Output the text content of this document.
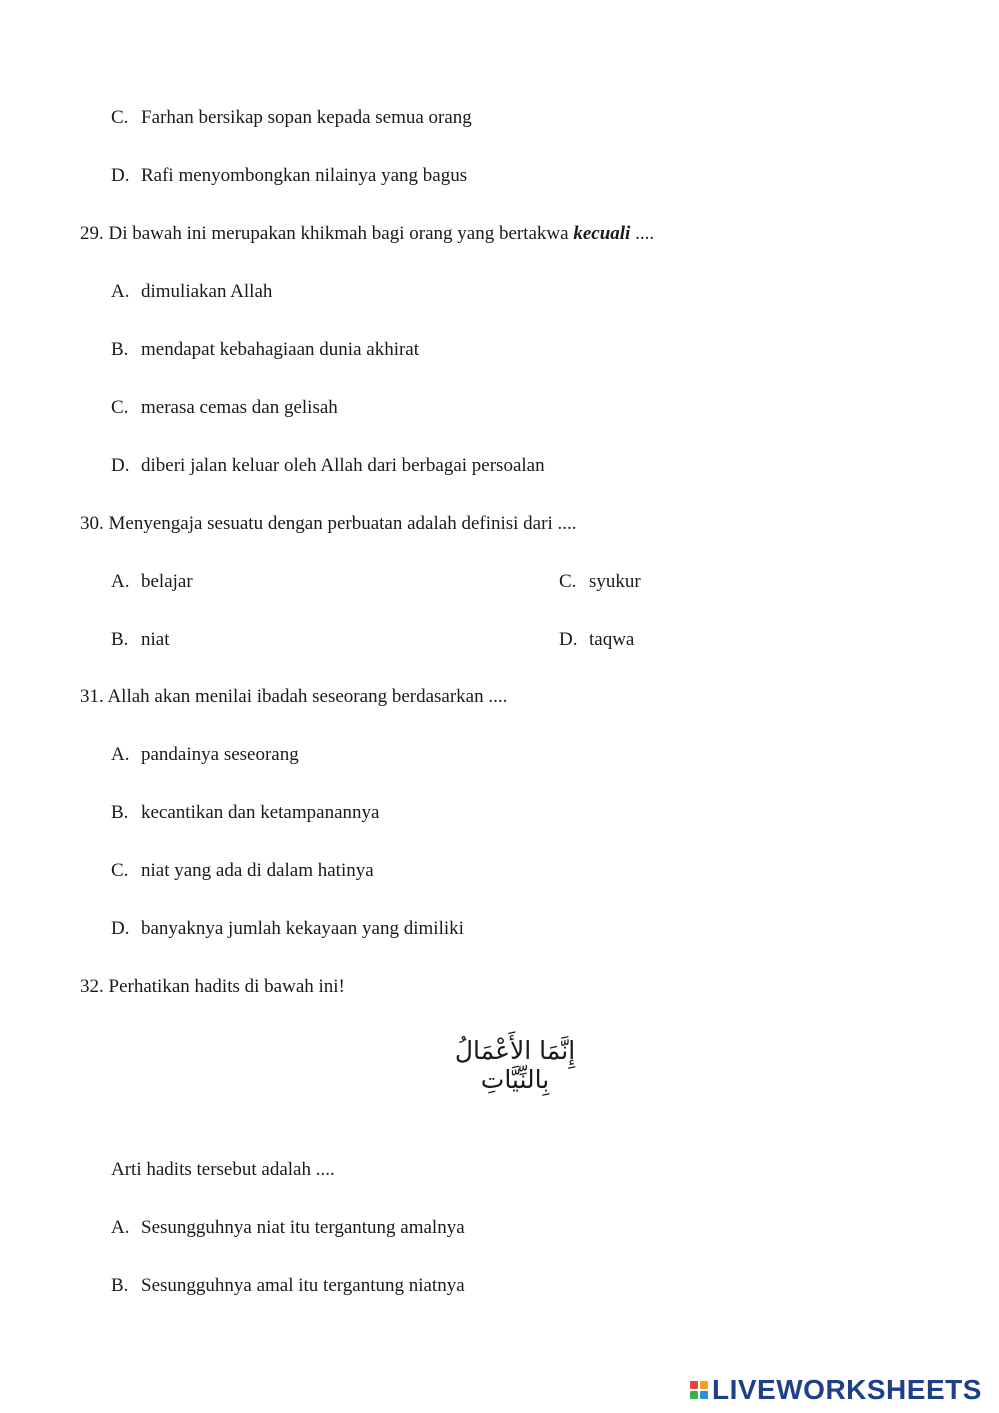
C. Farhan bersikap sopan kepada semua orang
D. Rafi menyombongkan nilainya yang bagus
29. Di bawah ini merupakan khikmah bagi orang yang bertakwa kecuali ....
A. dimuliakan Allah
B. mendapat kebahagiaan dunia akhirat
C. merasa cemas dan gelisah
D. diberi jalan keluar oleh Allah dari berbagai persoalan
30. Menyengaja sesuatu dengan perbuatan adalah definisi dari ....
A. belajar	C. syukur
B. niat	D. taqwa
31. Allah akan menilai ibadah seseorang berdasarkan ....
A. pandainya seseorang
B. kecantikan dan ketampanannya
C. niat yang ada di dalam hatinya
D. banyaknya jumlah kekayaan yang dimiliki
32. Perhatikan hadits di bawah ini!
إِنَّمَا الأَعْمَالُ بِالنِّيَّاتِ
Arti hadits tersebut adalah ....
A. Sesungguhnya niat itu tergantung amalnya
B. Sesungguhnya amal itu tergantung niatnya
LIVEWORKSHEETS
